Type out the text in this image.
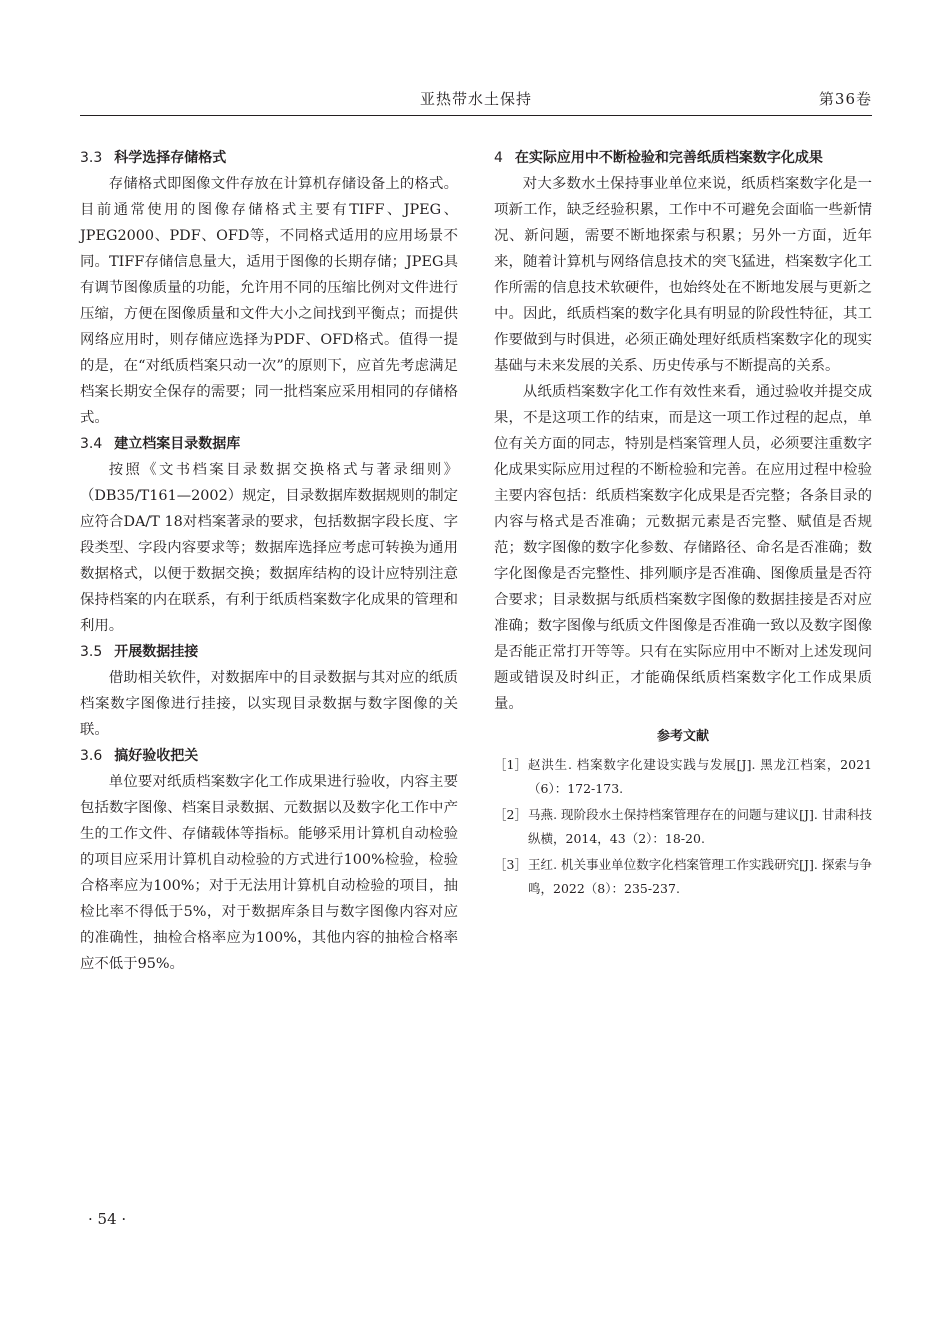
亚热带水土保持	第36卷
3.3 科学选择存储格式

存储格式即图像文件存放在计算机存储设备上的格式。目前通常使用的图像存储格式主要有TIFF、JPEG、JPEG2000、PDF、OFD等，不同格式适用的应用场景不同。TIFF存储信息量大，适用于图像的长期存储；JPEG具有调节图像质量的功能，允许用不同的压缩比例对文件进行压缩，方便在图像质量和文件大小之间找到平衡点；而提供网络应用时，则存储应选择为PDF、OFD格式。值得一提的是，在“对纸质档案只动一次”的原则下，应首先考虑满足档案长期安全保存的需要；同一批档案应采用相同的存储格式。

3.4 建立档案目录数据库

按照《文书档案目录数据交换格式与著录细则》（DB35/T161—2002）规定，目录数据库数据规则的制定应符合DA/T 18对档案著录的要求，包括数据字段长度、字段类型、字段内容要求等；数据库选择应考虑可转换为通用数据格式，以便于数据交换；数据库结构的设计应特别注意保持档案的内在联系，有利于纸质档案数字化成果的管理和利用。

3.5 开展数据挂接

借助相关软件，对数据库中的目录数据与其对应的纸质档案数字图像进行挂接，以实现目录数据与数字图像的关联。

3.6 搞好验收把关

单位要对纸质档案数字化工作成果进行验收，内容主要包括数字图像、档案目录数据、元数据以及数字化工作中产生的工作文件、存储载体等指标。能够采用计算机自动检验的项目应采用计算机自动检验的方式进行100%检验，检验合格率应为100%；对于无法用计算机自动检验的项目，抽检比率不得低于5%，对于数据库条目与数字图像内容对应的准确性，抽检合格率应为100%，其他内容的抽检合格率应不低于95%。

4 在实际应用中不断检验和完善纸质档案数字化成果

对大多数水土保持事业单位来说，纸质档案数字化是一项新工作，缺乏经验积累，工作中不可避免会面临一些新情况、新问题，需要不断地探索与积累；另外一方面，近年来，随着计算机与网络信息技术的突飞猛进，档案数字化工作所需的信息技术软硬件，也始终处在不断地发展与更新之中。因此，纸质档案的数字化具有明显的阶段性特征，其工作要做到与时俱进，必须正确处理好纸质档案数字化的现实基础与未来发展的关系、历史传承与不断提高的关系。

从纸质档案数字化工作有效性来看，通过验收并提交成果，不是这项工作的结束，而是这一项工作过程的起点，单位有关方面的同志，特别是档案管理人员，必须要注重数字化成果实际应用过程的不断检验和完善。在应用过程中检验主要内容包括：纸质档案数字化成果是否完整；各条目录的内容与格式是否准确；元数据元素是否完整、赋值是否规范；数字图像的数字化参数、存储路径、命名是否准确；数字化图像是否完整性、排列顺序是否准确、图像质量是否符合要求；目录数据与纸质档案数字图像的数据挂接是否对应准确；数字图像与纸质文件图像是否准确一致以及数字图像是否能正常打开等等。只有在实际应用中不断对上述发现问题或错误及时纠正，才能确保纸质档案数字化工作成果质量。

参考文献
［1］ 赵洪生. 档案数字化建设实践与发展[J]. 黑龙江档案，2021（6）：172-173.
［2］ 马燕. 现阶段水土保持档案管理存在的问题与建议[J]. 甘肃科技纵横，2014，43（2）：18-20.
［3］ 王红. 机关事业单位数字化档案管理工作实践研究[J]. 探索与争鸣，2022（8）：235-237.
· 54 ·
